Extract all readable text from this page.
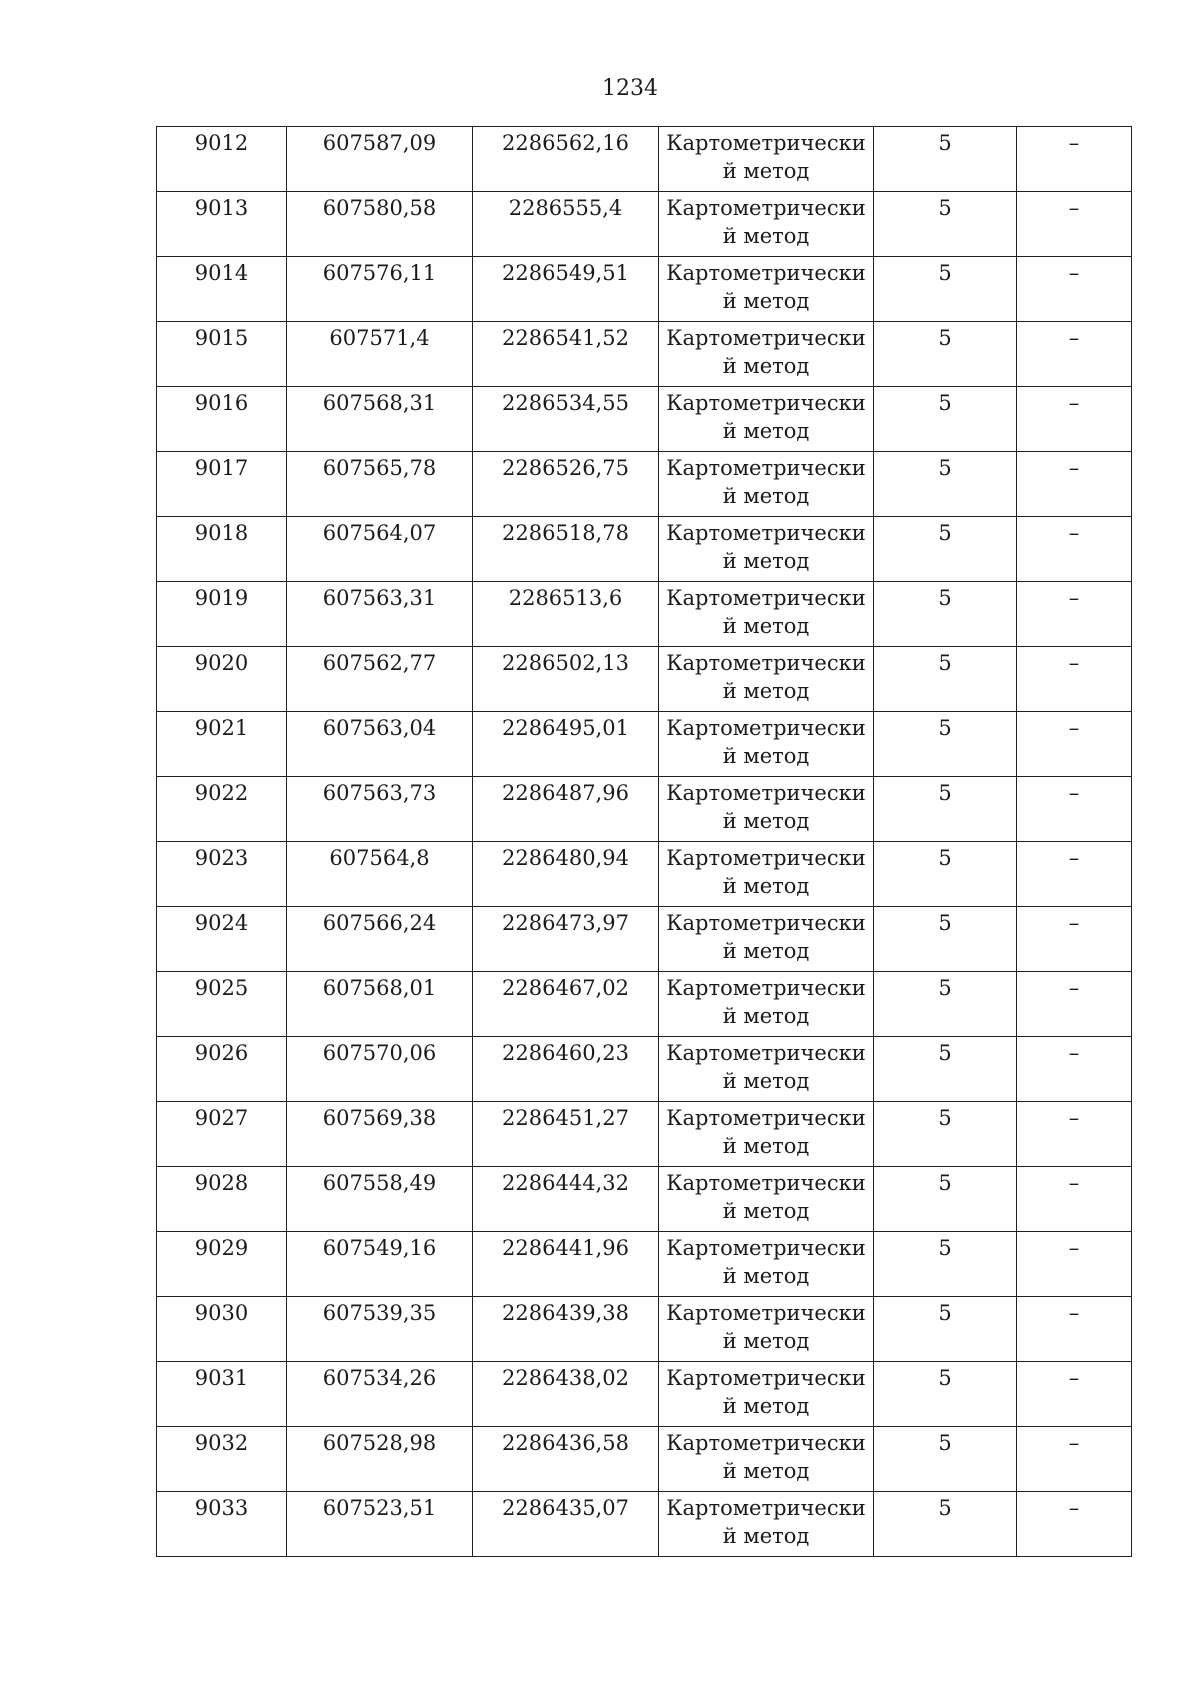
1234
9012	607587,09	2286562,16	Картометрически й метод	5	–
9013	607580,58	2286555,4	Картометрически й метод	5	–
9014	607576,11	2286549,51	Картометрически й метод	5	–
9015	607571,4	2286541,52	Картометрически й метод	5	–
9016	607568,31	2286534,55	Картометрически й метод	5	–
9017	607565,78	2286526,75	Картометрически й метод	5	–
9018	607564,07	2286518,78	Картометрически й метод	5	–
9019	607563,31	2286513,6	Картометрически й метод	5	–
9020	607562,77	2286502,13	Картометрически й метод	5	–
9021	607563,04	2286495,01	Картометрически й метод	5	–
9022	607563,73	2286487,96	Картометрически й метод	5	–
9023	607564,8	2286480,94	Картометрически й метод	5	–
9024	607566,24	2286473,97	Картометрически й метод	5	–
9025	607568,01	2286467,02	Картометрически й метод	5	–
9026	607570,06	2286460,23	Картометрически й метод	5	–
9027	607569,38	2286451,27	Картометрически й метод	5	–
9028	607558,49	2286444,32	Картометрически й метод	5	–
9029	607549,16	2286441,96	Картометрически й метод	5	–
9030	607539,35	2286439,38	Картометрически й метод	5	–
9031	607534,26	2286438,02	Картометрически й метод	5	–
9032	607528,98	2286436,58	Картометрически й метод	5	–
9033	607523,51	2286435,07	Картометрически й метод	5	–
